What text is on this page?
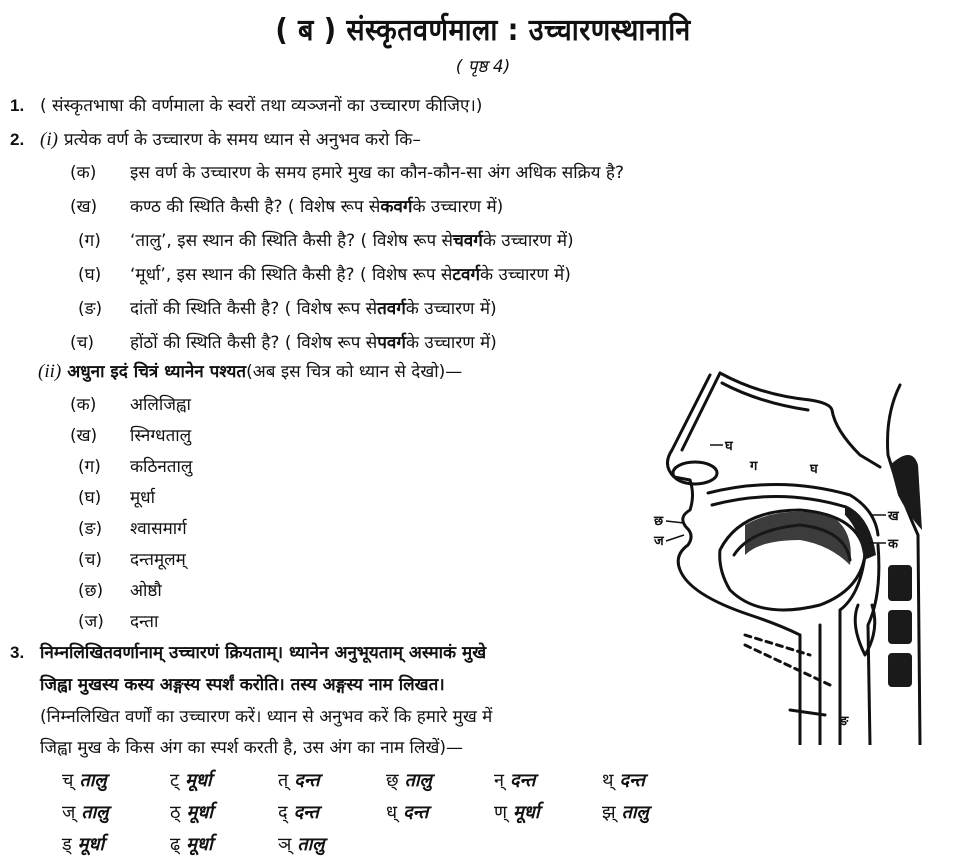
( ब ) संस्कृतवर्णमाला : उच्चारणस्थानानि
( पृष्ठ 4)
1. ( संस्कृतभाषा की वर्णमाला के स्वरों तथा व्यञ्जनों का उच्चारण कीजिए।)
2. (i) प्रत्येक वर्ण के उच्चारण के समय ध्यान से अनुभव करो कि–
(क)	इस वर्ण के उच्चारण के समय हमारे मुख का कौन-कौन-सा अंग अधिक सक्रिय है?
(ख)	कण्ठ की स्थिति कैसी है? ( विशेष रूप से कवर्ग के उच्चारण में)
(ग)	‘तालु’, इस स्थान की स्थिति कैसी है? ( विशेष रूप से चवर्ग के उच्चारण में)
(घ)	‘मूर्धा’, इस स्थान की स्थिति कैसी है? ( विशेष रूप से टवर्ग के उच्चारण में)
(ङ)	दांतों की स्थिति कैसी है? ( विशेष रूप से तवर्ग के उच्चारण में)
(च)	होंठों की स्थिति कैसी है? ( विशेष रूप से पवर्ग के उच्चारण में)
(ii) अधुना इदं चित्रं ध्यानेन पश्यत (अब इस चित्र को ध्यान से देखो)—
(क)	अलिजिह्वा
(ख)	स्निग्धतालु
(ग)	कठिनतालु
(घ)	मूर्धा
(ङ)	श्वासमार्ग
(च)	दन्तमूलम्
(छ)	ओष्ठौ
(ज)	दन्ता
3. निम्नलिखितवर्णानाम् उच्चारणं क्रियताम्। ध्यानेन अनुभूयताम् अस्माकं मुखे
जिह्वा मुखस्य कस्य अङ्गस्य स्पर्शं करोति। तस्य अङ्गस्य नाम लिखत।
(निम्नलिखित वर्णों का उच्चारण करें। ध्यान से अनुभव करें कि हमारे मुख में
जिह्वा मुख के किस अंग का स्पर्श करती है, उस अंग का नाम लिखें)—
च् तालु	ट् मूर्धा	त् दन्त	छ् तालु	न् दन्त	थ् दन्त
ज् तालु	ठ् मूर्धा	द् दन्त	ध् दन्त	ण् मूर्धा	झ् तालु
ड् मूर्धा	ढ् मूर्धा	ञ् तालु
घ
ग	घ
ख
क
छ
ज
ङ
